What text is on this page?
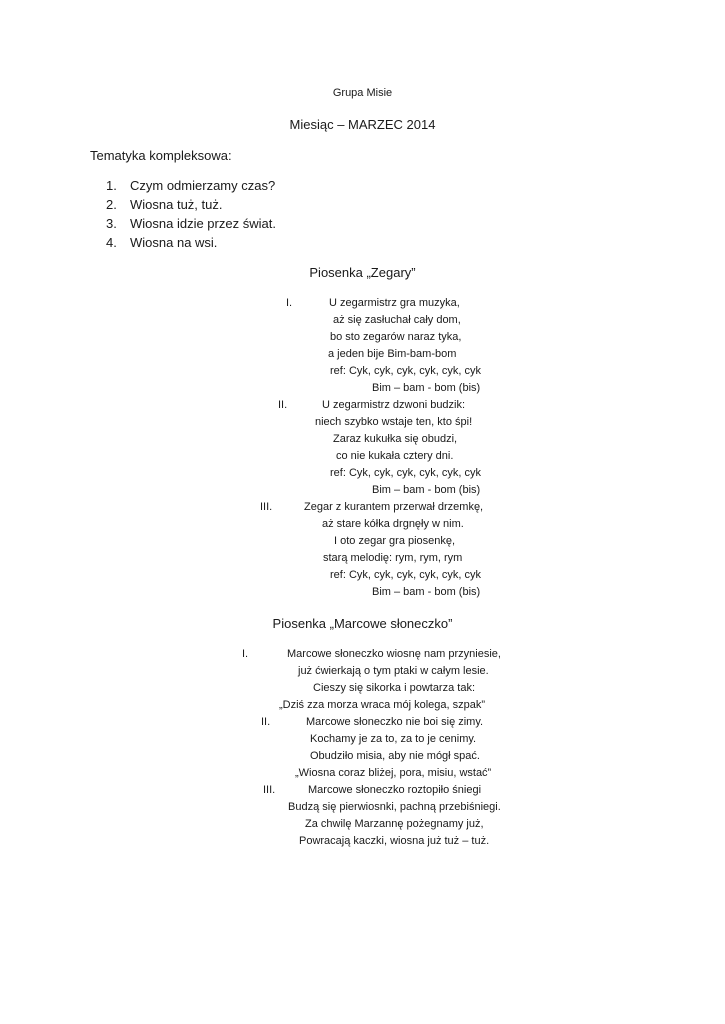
Grupa Misie
Miesiąc – MARZEC 2014
Tematyka kompleksowa:
1.	Czym odmierzamy czas?
2.	Wiosna tuż, tuż.
3.	Wiosna idzie przez świat.
4.	Wiosna na wsi.
Piosenka „Zegary”
I.	U zegarmistrz gra muzyka,
aż się zasłuchał cały dom,
bo sto zegarów naraz tyka,
a jeden bije Bim-bam-bom
ref: Cyk, cyk, cyk, cyk, cyk, cyk
Bim – bam - bom (bis)
II.	U zegarmistrz dzwoni budzik:
niech szybko wstaje ten, kto śpi!
Zaraz kukułka się obudzi,
co nie kukała cztery dni.
ref: Cyk, cyk, cyk, cyk, cyk, cyk
Bim – bam - bom (bis)
III.	Zegar z kurantem przerwał drzemkę,
aż stare kółka drgnęły w nim.
I oto zegar gra piosenkę,
starą melodię: rym, rym, rym
ref: Cyk, cyk, cyk, cyk, cyk, cyk
Bim – bam - bom (bis)
Piosenka „Marcowe słoneczko”
I.	Marcowe słoneczko wiosnę nam przyniesie,
już ćwierkają o tym ptaki w całym lesie.
Cieszy się sikorka i powtarza tak:
„Dziś zza morza wraca mój kolega, szpak”
II.	Marcowe słoneczko nie boi się zimy.
Kochamy je za to, za to je cenimy.
Obudziło misia, aby nie mógł spać.
„Wiosna coraz bliżej, pora, misiu, wstać”
III.	Marcowe słoneczko roztopiło śniegi
Budzą się pierwiosnki, pachną przebiśniegi.
Za chwilę Marzannę pożegnamy już,
Powracają kaczki, wiosna już tuż – tuż.
